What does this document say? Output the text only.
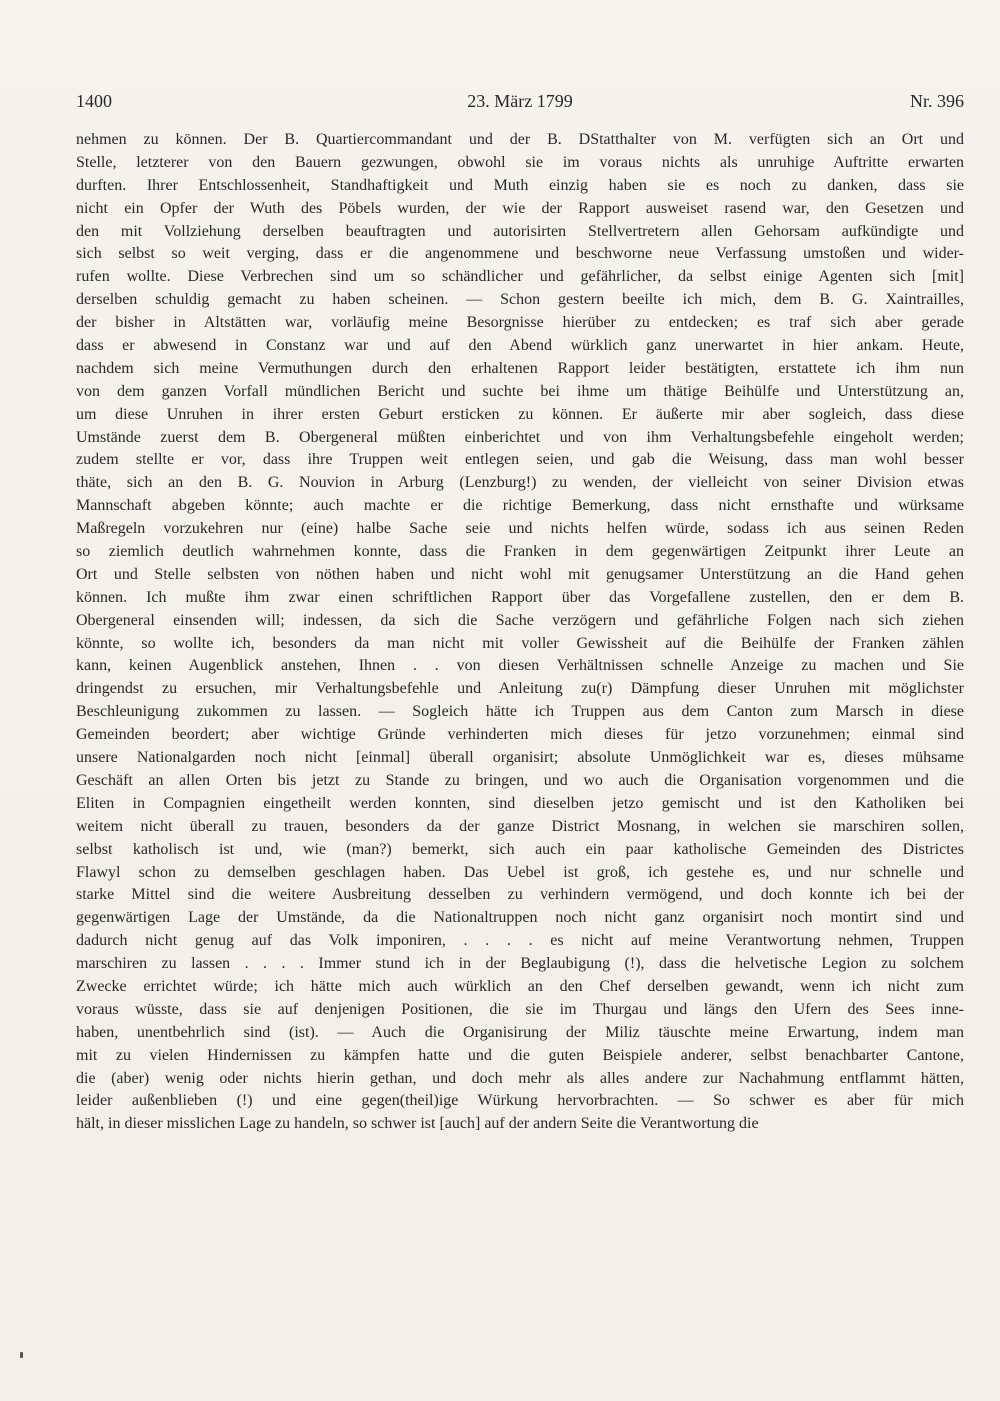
1400	23. März 1799	Nr. 396
nehmen zu können. Der B. Quartiercommandant und der B. DStatthalter von M. verfügten sich an Ort und
Stelle, letzterer von den Bauern gezwungen, obwohl sie im voraus nichts als unruhige Auftritte erwarten
durften. Ihrer Entschlossenheit, Standhaftigkeit und Muth einzig haben sie es noch zu danken, dass sie
nicht ein Opfer der Wuth des Pöbels wurden, der wie der Rapport ausweiset rasend war, den Gesetzen und
den mit Vollziehung derselben beauftragten und autorisirten Stellvertretern allen Gehorsam aufkündigte und
sich selbst so weit verging, dass er die angenommene und beschworne neue Verfassung umstoßen und wider-
rufen wollte. Diese Verbrechen sind um so schändlicher und gefährlicher, da selbst einige Agenten sich [mit]
derselben schuldig gemacht zu haben scheinen. — Schon gestern beeilte ich mich, dem B. G. Xaintrailles,
der bisher in Altstätten war, vorläufig meine Besorgnisse hierüber zu entdecken; es traf sich aber gerade
dass er abwesend in Constanz war und auf den Abend würklich ganz unerwartet in hier ankam. Heute,
nachdem sich meine Vermuthungen durch den erhaltenen Rapport leider bestätigten, erstattete ich ihm nun
von dem ganzen Vorfall mündlichen Bericht und suchte bei ihme um thätige Beihülfe und Unterstützung an,
um diese Unruhen in ihrer ersten Geburt ersticken zu können. Er äußerte mir aber sogleich, dass diese
Umstände zuerst dem B. Obergeneral müßten einberichtet und von ihm Verhaltungsbefehle eingeholt werden;
zudem stellte er vor, dass ihre Truppen weit entlegen seien, und gab die Weisung, dass man wohl besser
thäte, sich an den B. G. Nouvion in Arburg (Lenzburg!) zu wenden, der vielleicht von seiner Division etwas
Mannschaft abgeben könnte; auch machte er die richtige Bemerkung, dass nicht ernsthafte und würksame
Maßregeln vorzukehren nur (eine) halbe Sache seie und nichts helfen würde, sodass ich aus seinen Reden
so ziemlich deutlich wahrnehmen konnte, dass die Franken in dem gegenwärtigen Zeitpunkt ihrer Leute an
Ort und Stelle selbsten von nöthen haben und nicht wohl mit genugsamer Unterstützung an die Hand gehen
können. Ich mußte ihm zwar einen schriftlichen Rapport über das Vorgefallene zustellen, den er dem B.
Obergeneral einsenden will; indessen, da sich die Sache verzögern und gefährliche Folgen nach sich ziehen
könnte, so wollte ich, besonders da man nicht mit voller Gewissheit auf die Beihülfe der Franken zählen
kann, keinen Augenblick anstehen, Ihnen . . von diesen Verhältnissen schnelle Anzeige zu machen und Sie
dringendst zu ersuchen, mir Verhaltungsbefehle und Anleitung zu(r) Dämpfung dieser Unruhen mit möglichster
Beschleunigung zukommen zu lassen. — Sogleich hätte ich Truppen aus dem Canton zum Marsch in diese
Gemeinden beordert; aber wichtige Gründe verhinderten mich dieses für jetzo vorzunehmen; einmal sind
unsere Nationalgarden noch nicht [einmal] überall organisirt; absolute Unmöglichkeit war es, dieses mühsame
Geschäft an allen Orten bis jetzt zu Stande zu bringen, und wo auch die Organisation vorgenommen und die
Eliten in Compagnien eingetheilt werden konnten, sind dieselben jetzo gemischt und ist den Katholiken bei
weitem nicht überall zu trauen, besonders da der ganze District Mosnang, in welchen sie marschiren sollen,
selbst katholisch ist und, wie (man?) bemerkt, sich auch ein paar katholische Gemeinden des Districtes
Flawyl schon zu demselben geschlagen haben. Das Uebel ist groß, ich gestehe es, und nur schnelle und
starke Mittel sind die weitere Ausbreitung desselben zu verhindern vermögend, und doch konnte ich bei der
gegenwärtigen Lage der Umstände, da die Nationaltruppen noch nicht ganz organisirt noch montirt sind und
dadurch nicht genug auf das Volk imponiren, . . . . es nicht auf meine Verantwortung nehmen, Truppen
marschiren zu lassen . . . . Immer stund ich in der Beglaubigung (!), dass die helvetische Legion zu solchem
Zwecke errichtet würde; ich hätte mich auch würklich an den Chef derselben gewandt, wenn ich nicht zum
voraus wüsste, dass sie auf denjenigen Positionen, die sie im Thurgau und längs den Ufern des Sees inne-
haben, unentbehrlich sind (ist). — Auch die Organisirung der Miliz täuschte meine Erwartung, indem man
mit zu vielen Hindernissen zu kämpfen hatte und die guten Beispiele anderer, selbst benachbarter Cantone,
die (aber) wenig oder nichts hierin gethan, und doch mehr als alles andere zur Nachahmung entflammt hätten,
leider außenblieben (!) und eine gegen(theil)ige Würkung hervorbrachten. — So schwer es aber für mich
hält, in dieser misslichen Lage zu handeln, so schwer ist [auch] auf der andern Seite die Verantwortung die
